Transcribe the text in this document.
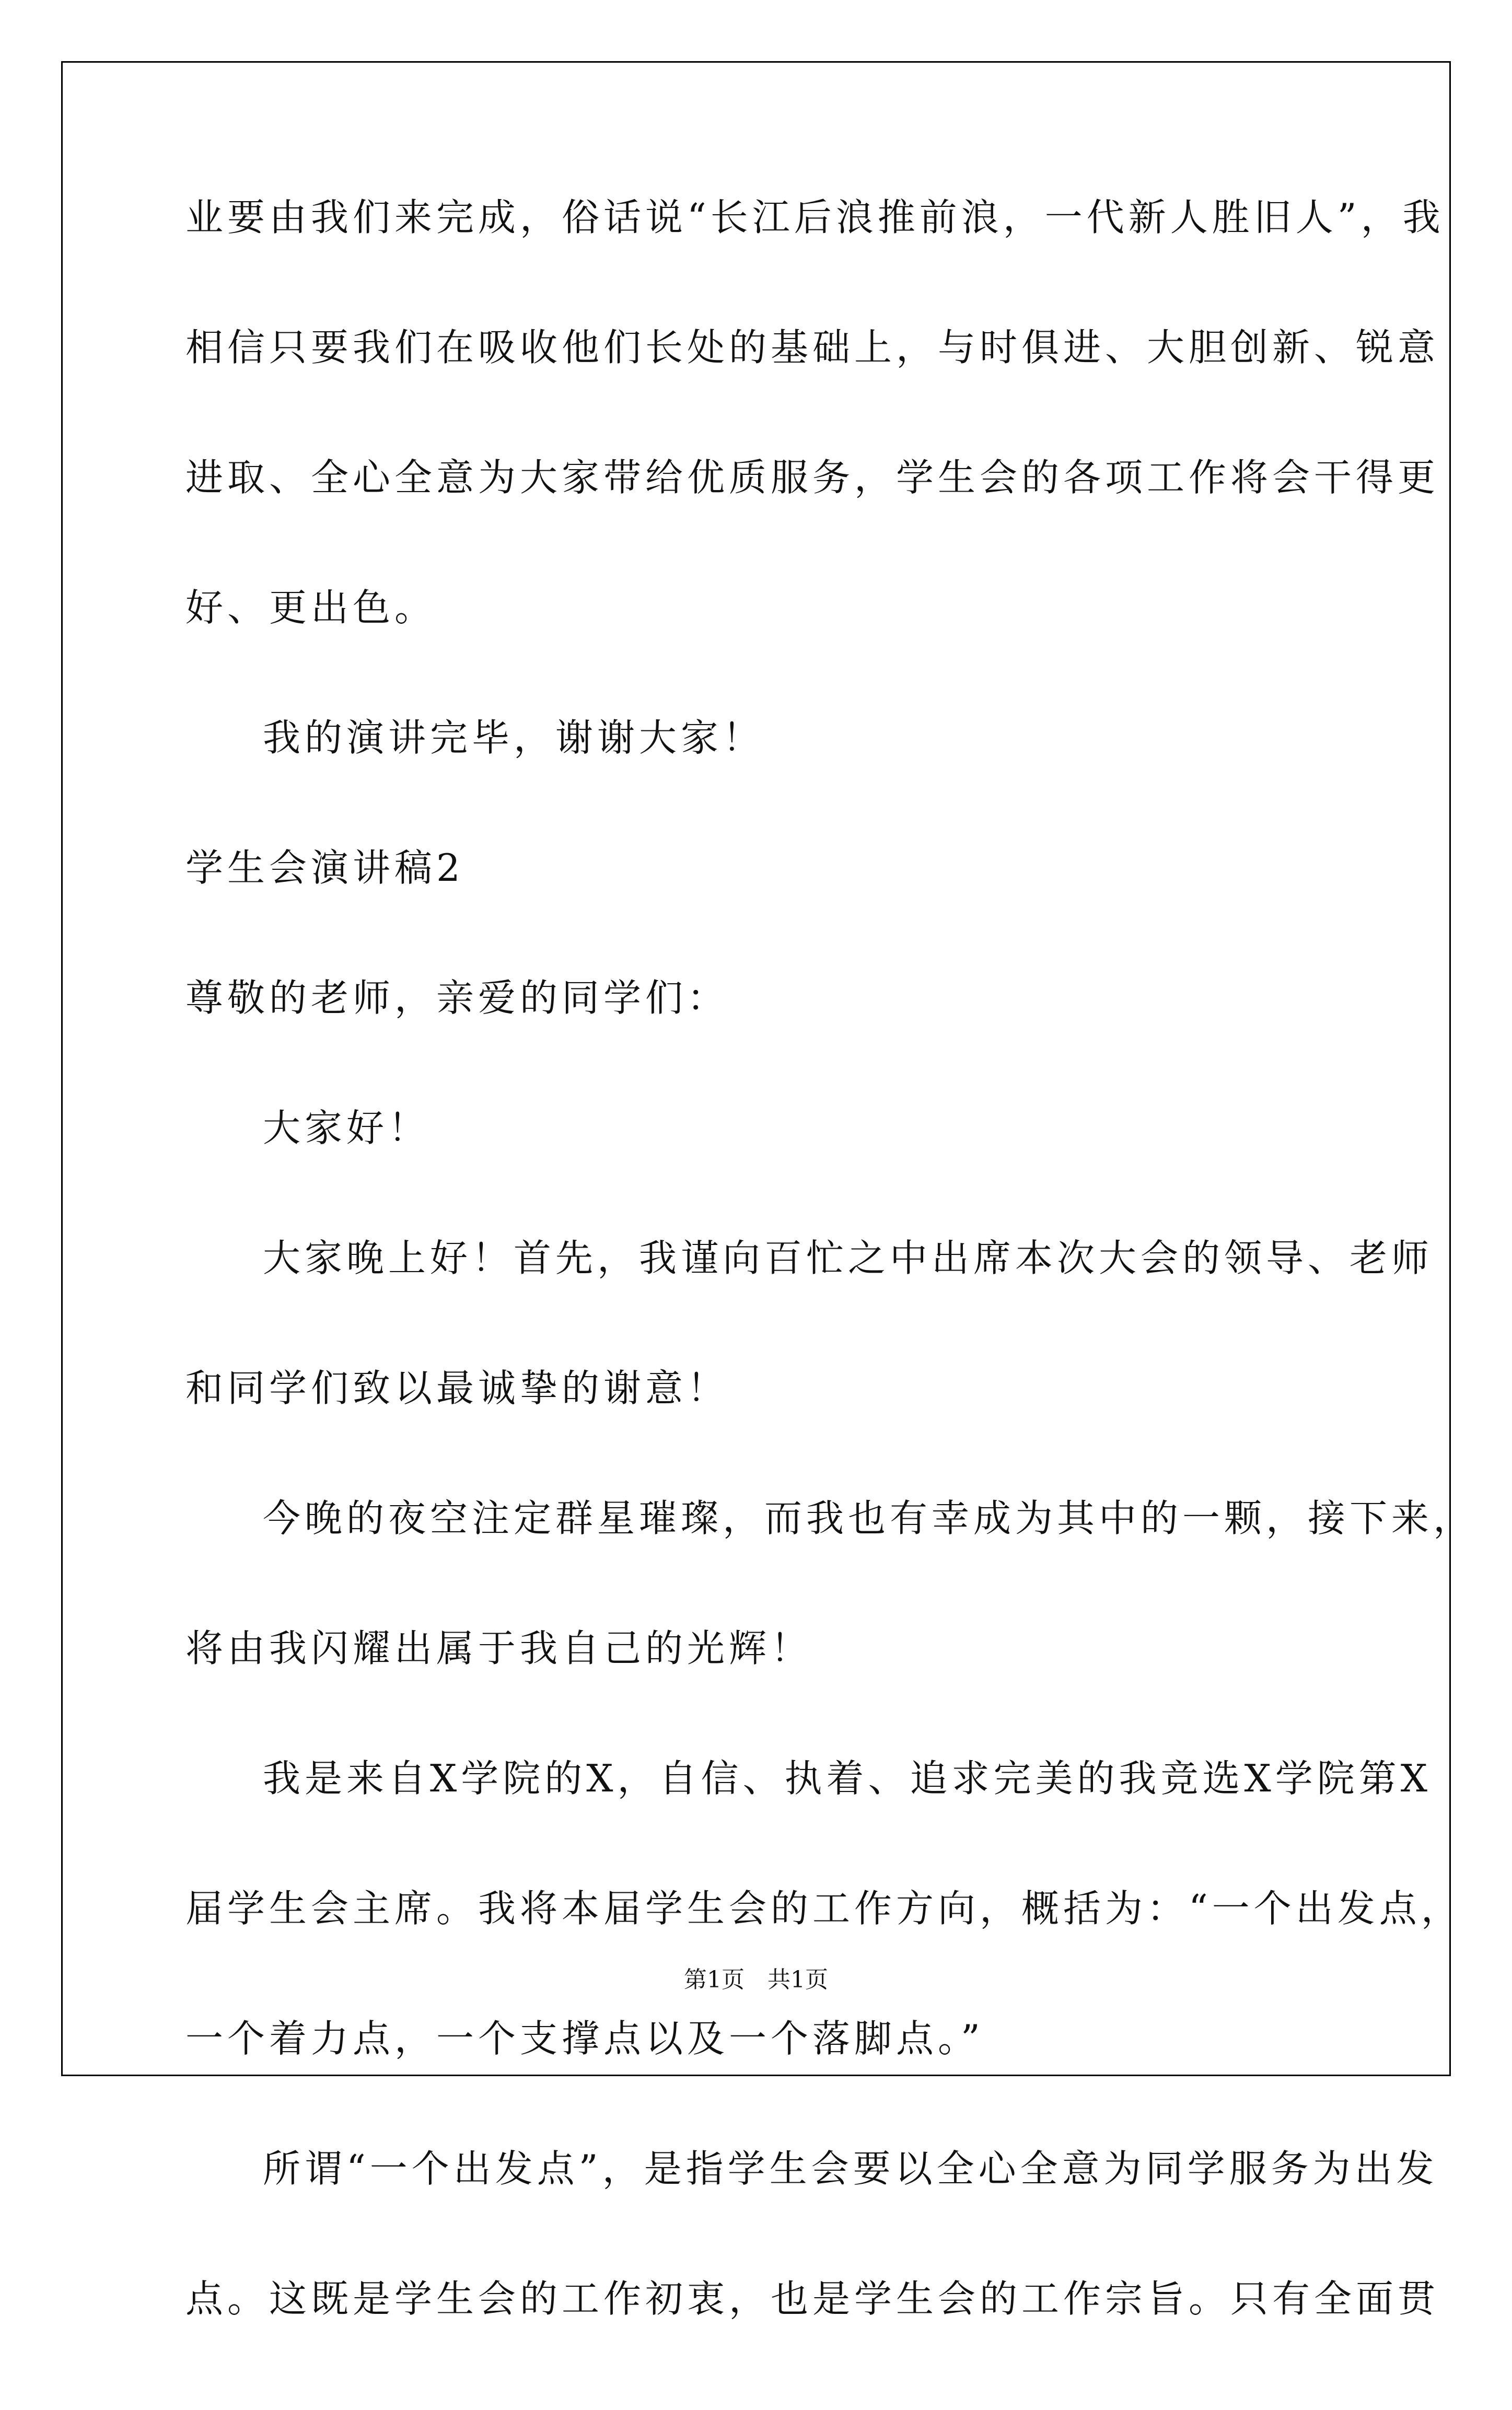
业要由我们来完成，俗话说“长江后浪推前浪，一代新人胜旧人”，我
相信只要我们在吸收他们长处的基础上，与时俱进、大胆创新、锐意
进取、全心全意为大家带给优质服务，学生会的各项工作将会干得更
好、更出色。
我的演讲完毕，谢谢大家！
学生会演讲稿2
尊敬的老师，亲爱的同学们：
大家好！
大家晚上好！首先，我谨向百忙之中出席本次大会的领导、老师
和同学们致以最诚挚的谢意！
今晚的夜空注定群星璀璨，而我也有幸成为其中的一颗，接下来，
将由我闪耀出属于我自己的光辉！
我是来自X学院的X，自信、执着、追求完美的我竞选X学院第X
届学生会主席。我将本届学生会的工作方向，概括为：“一个出发点，
一个着力点，一个支撑点以及一个落脚点。”
所谓“一个出发点”，是指学生会要以全心全意为同学服务为出发
点。这既是学生会的工作初衷，也是学生会的工作宗旨。只有全面贯
第1页　共1页
